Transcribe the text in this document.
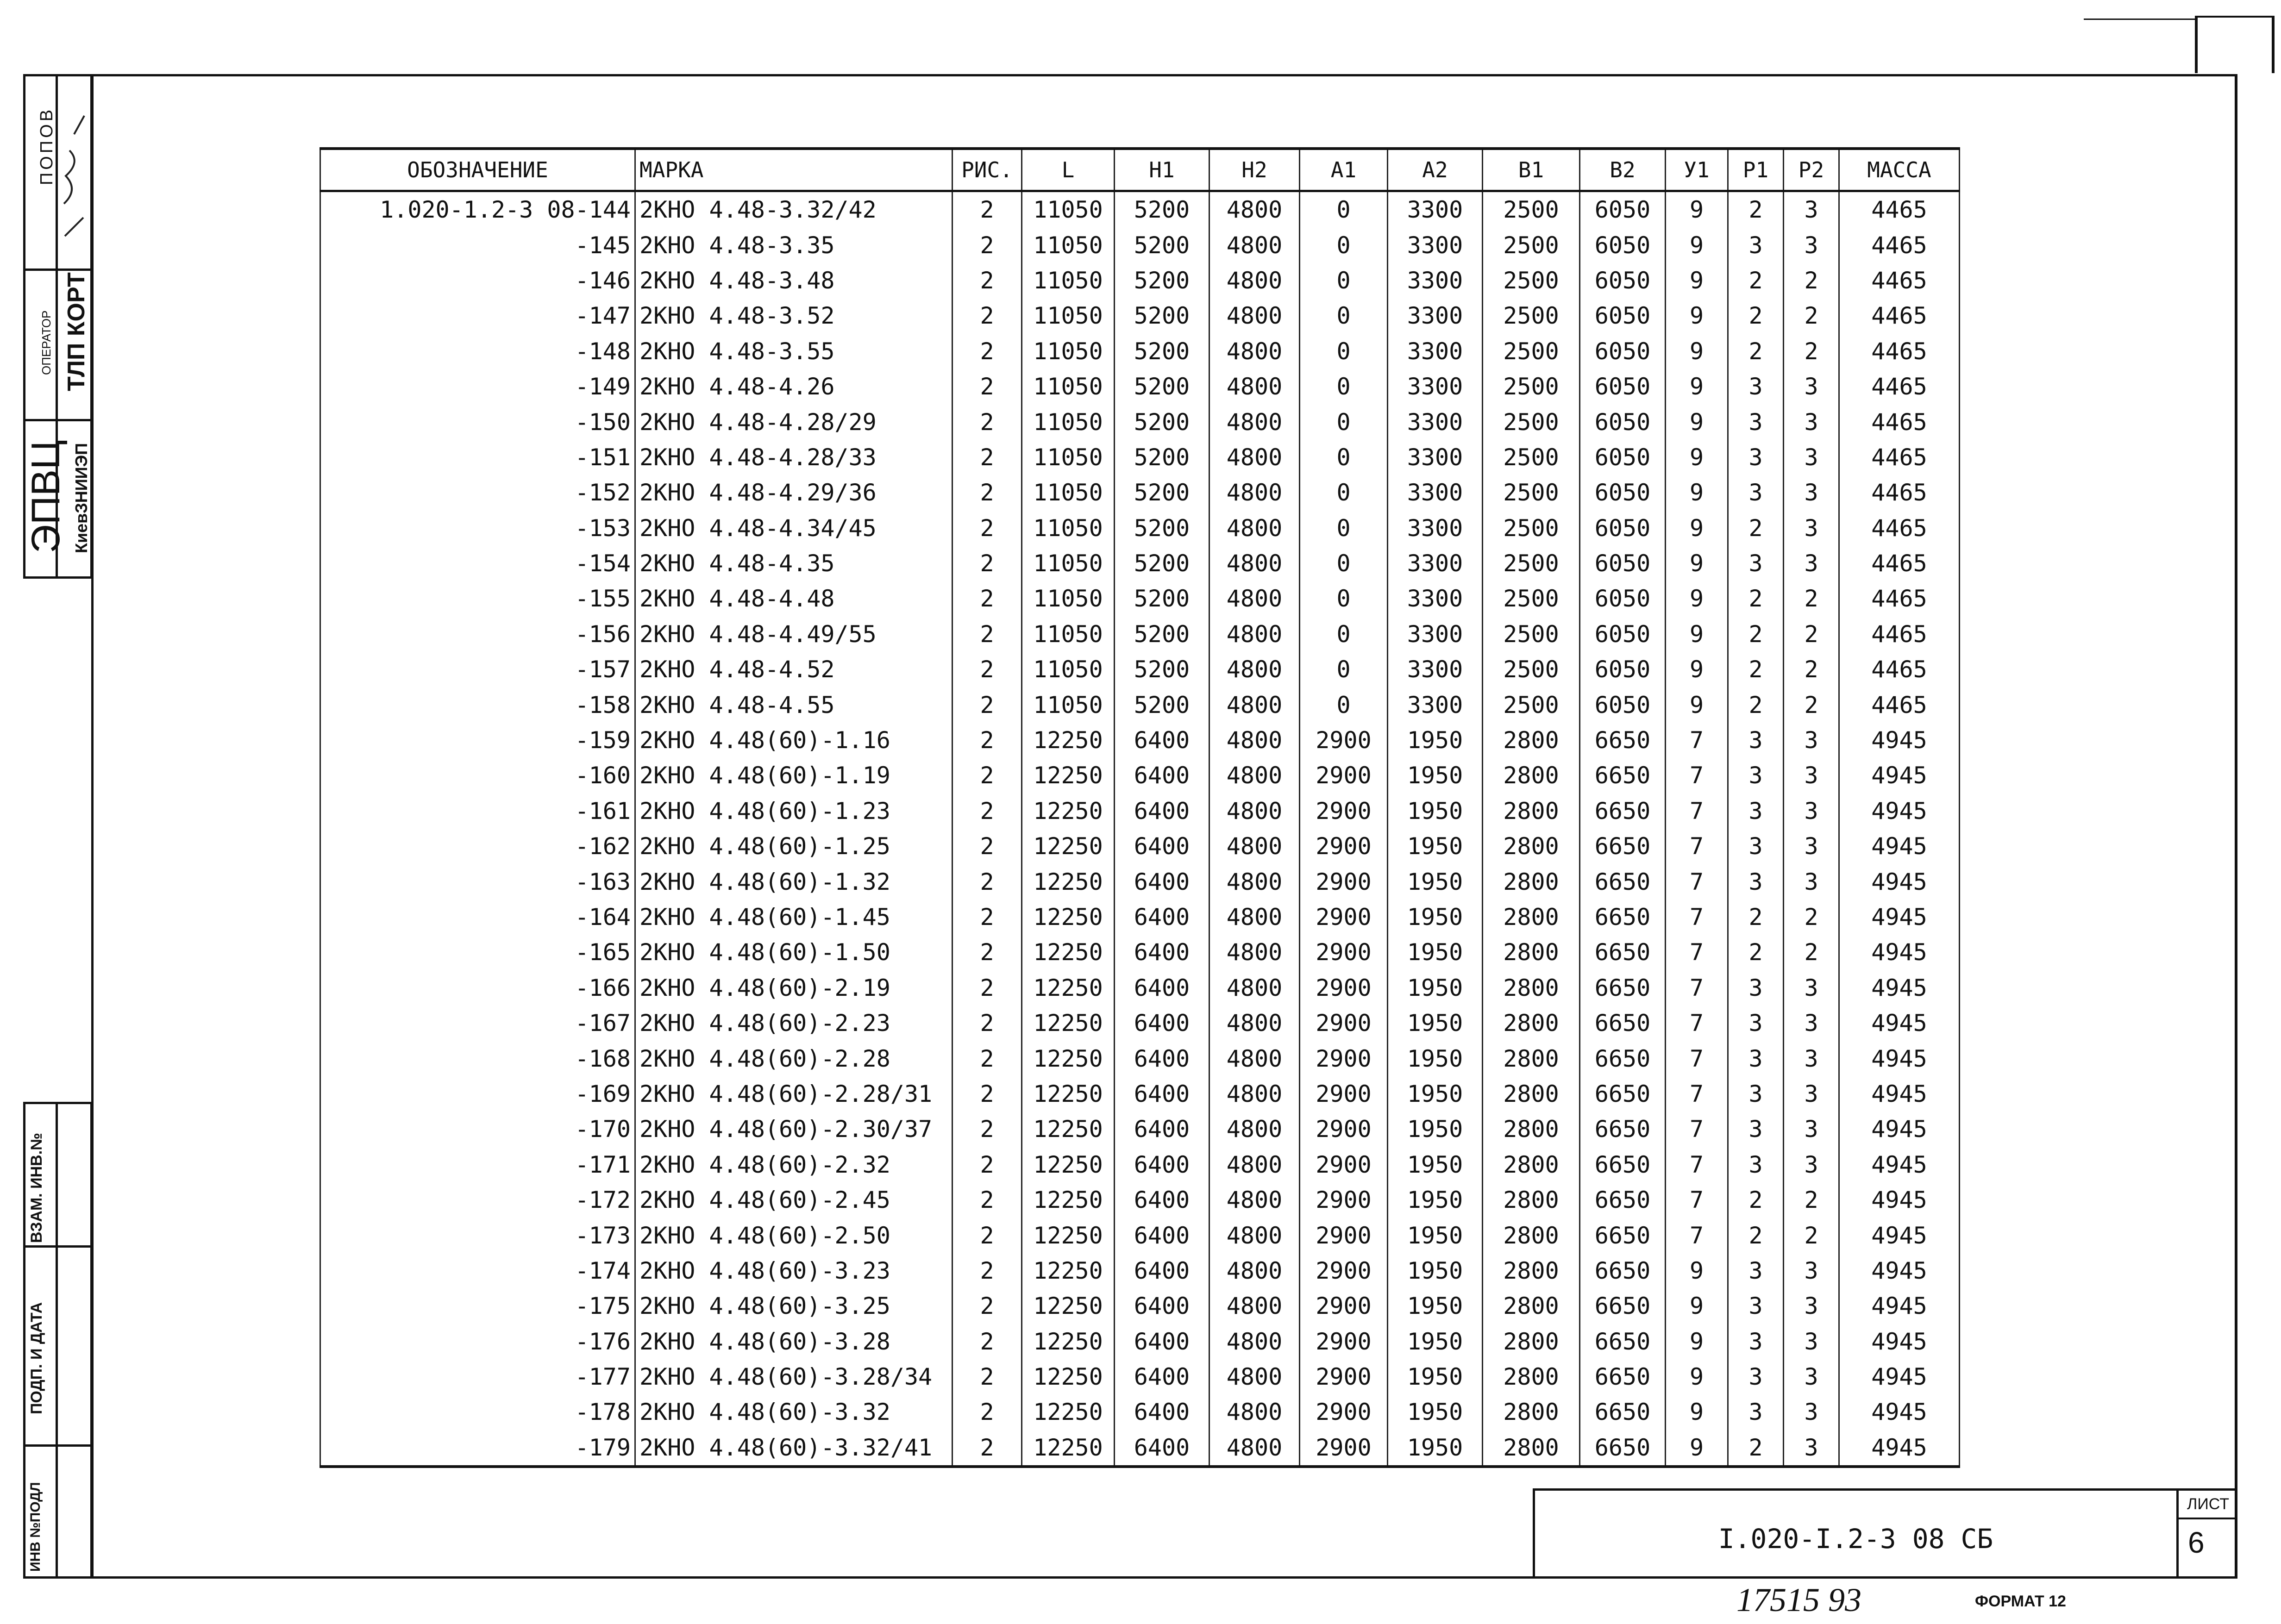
ПОПОВ
ОПЕРАТОР ТЛП КОРТ
ЭПВЦ КиевЗНИИЭП
ВЗАМ. ИНВ.№
ПОДП. И ДАТА
ИНВ №ПОДЛ
ОБОЗНАЧЕНИЕ	МАРКА	РИС.	L	H1	H2	A1	A2	B1	B2	У1	P1	P2	МАССА
1.020-1.2-3 08-144	2КНО 4.48-3.32/42	2	11050	5200	4800	0	3300	2500	6050	9	2	3	4465
-145	2КНО 4.48-3.35	2	11050	5200	4800	0	3300	2500	6050	9	3	3	4465
-146	2КНО 4.48-3.48	2	11050	5200	4800	0	3300	2500	6050	9	2	2	4465
-147	2КНО 4.48-3.52	2	11050	5200	4800	0	3300	2500	6050	9	2	2	4465
-148	2КНО 4.48-3.55	2	11050	5200	4800	0	3300	2500	6050	9	2	2	4465
-149	2КНО 4.48-4.26	2	11050	5200	4800	0	3300	2500	6050	9	3	3	4465
-150	2КНО 4.48-4.28/29	2	11050	5200	4800	0	3300	2500	6050	9	3	3	4465
-151	2КНО 4.48-4.28/33	2	11050	5200	4800	0	3300	2500	6050	9	3	3	4465
-152	2КНО 4.48-4.29/36	2	11050	5200	4800	0	3300	2500	6050	9	3	3	4465
-153	2КНО 4.48-4.34/45	2	11050	5200	4800	0	3300	2500	6050	9	2	3	4465
-154	2КНО 4.48-4.35	2	11050	5200	4800	0	3300	2500	6050	9	3	3	4465
-155	2КНО 4.48-4.48	2	11050	5200	4800	0	3300	2500	6050	9	2	2	4465
-156	2КНО 4.48-4.49/55	2	11050	5200	4800	0	3300	2500	6050	9	2	2	4465
-157	2КНО 4.48-4.52	2	11050	5200	4800	0	3300	2500	6050	9	2	2	4465
-158	2КНО 4.48-4.55	2	11050	5200	4800	0	3300	2500	6050	9	2	2	4465
-159	2КНО 4.48(60)-1.16	2	12250	6400	4800	2900	1950	2800	6650	7	3	3	4945
-160	2КНО 4.48(60)-1.19	2	12250	6400	4800	2900	1950	2800	6650	7	3	3	4945
-161	2КНО 4.48(60)-1.23	2	12250	6400	4800	2900	1950	2800	6650	7	3	3	4945
-162	2КНО 4.48(60)-1.25	2	12250	6400	4800	2900	1950	2800	6650	7	3	3	4945
-163	2КНО 4.48(60)-1.32	2	12250	6400	4800	2900	1950	2800	6650	7	3	3	4945
-164	2КНО 4.48(60)-1.45	2	12250	6400	4800	2900	1950	2800	6650	7	2	2	4945
-165	2КНО 4.48(60)-1.50	2	12250	6400	4800	2900	1950	2800	6650	7	2	2	4945
-166	2КНО 4.48(60)-2.19	2	12250	6400	4800	2900	1950	2800	6650	7	3	3	4945
-167	2КНО 4.48(60)-2.23	2	12250	6400	4800	2900	1950	2800	6650	7	3	3	4945
-168	2КНО 4.48(60)-2.28	2	12250	6400	4800	2900	1950	2800	6650	7	3	3	4945
-169	2КНО 4.48(60)-2.28/31	2	12250	6400	4800	2900	1950	2800	6650	7	3	3	4945
-170	2КНО 4.48(60)-2.30/37	2	12250	6400	4800	2900	1950	2800	6650	7	3	3	4945
-171	2КНО 4.48(60)-2.32	2	12250	6400	4800	2900	1950	2800	6650	7	3	3	4945
-172	2КНО 4.48(60)-2.45	2	12250	6400	4800	2900	1950	2800	6650	7	2	2	4945
-173	2КНО 4.48(60)-2.50	2	12250	6400	4800	2900	1950	2800	6650	7	2	2	4945
-174	2КНО 4.48(60)-3.23	2	12250	6400	4800	2900	1950	2800	6650	9	3	3	4945
-175	2КНО 4.48(60)-3.25	2	12250	6400	4800	2900	1950	2800	6650	9	3	3	4945
-176	2КНО 4.48(60)-3.28	2	12250	6400	4800	2900	1950	2800	6650	9	3	3	4945
-177	2КНО 4.48(60)-3.28/34	2	12250	6400	4800	2900	1950	2800	6650	9	3	3	4945
-178	2КНО 4.48(60)-3.32	2	12250	6400	4800	2900	1950	2800	6650	9	3	3	4945
-179	2КНО 4.48(60)-3.32/41	2	12250	6400	4800	2900	1950	2800	6650	9	2	3	4945
I.020-I.2-3 08 СБ
ЛИСТ
6
17515 93	ФОРМАТ 12
